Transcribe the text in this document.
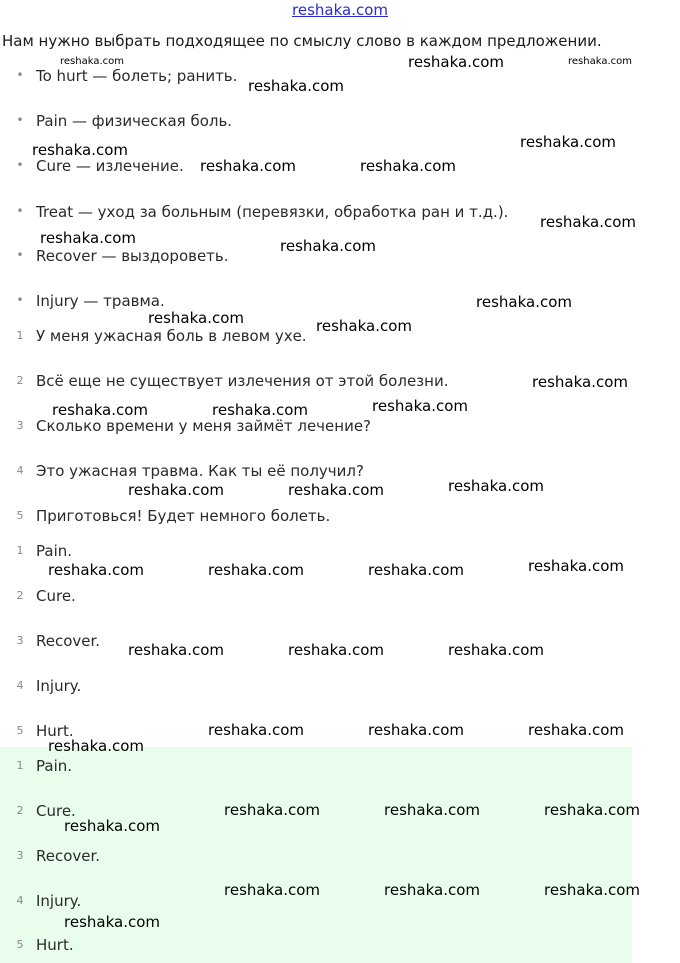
reshaka.com
Нам нужно выбрать подходящее по смыслу слово в каждом предложении.
• To hurt — болеть; ранить.
• Pain — физическая боль.
• Cure — излечение.
• Treat — уход за больным (перевязки, обработка ран и т.д.).
• Recover — выздороветь.
• Injury — травма.
1 У меня ужасная боль в левом ухе.
2 Всё еще не существует излечения от этой болезни.
3 Сколько времени у меня займёт лечение?
4 Это ужасная травма. Как ты её получил?
5 Приготовься! Будет немного болеть.
1 Pain.
2 Cure.
3 Recover.
4 Injury.
5 Hurt.
1 Pain.
2 Cure.
3 Recover.
4 Injury.
5 Hurt.
reshaka.com	reshaka.com	reshaka.com
reshaka.com
reshaka.com
reshaka.com
reshaka.com	reshaka.com
reshaka.com
reshaka.com	reshaka.com
reshaka.com
reshaka.com	reshaka.com
reshaka.com
reshaka.com	reshaka.com	reshaka.com
reshaka.com	reshaka.com	reshaka.com
reshaka.com	reshaka.com	reshaka.com	reshaka.com
reshaka.com	reshaka.com	reshaka.com
reshaka.com	reshaka.com	reshaka.com
reshaka.com
reshaka.com	reshaka.com	reshaka.com
reshaka.com
reshaka.com	reshaka.com	reshaka.com
reshaka.com
